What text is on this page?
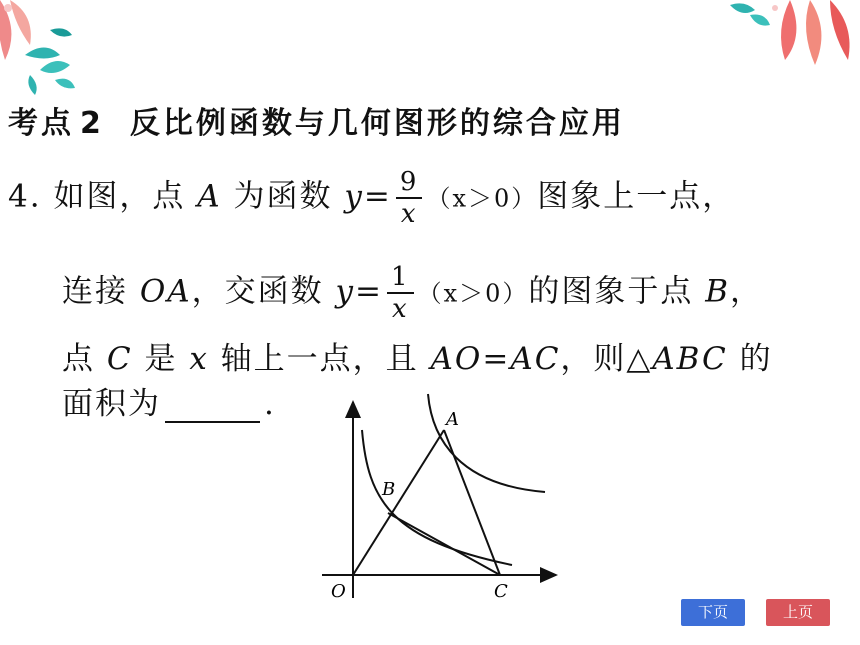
考点 2 反比例函数与几何图形的综合应用
4. 如图，点 A 为函数 $y= \frac{9}{x} (x>0)$图象上一点，
连接 OA，交函数 $y= \frac{1}{x} (x>0)$的图象于点 B，
点 C 是 x 轴上一点，且 AO=AC，则△ABC 的
面积为	.	A
B
O	C
下页	上页
